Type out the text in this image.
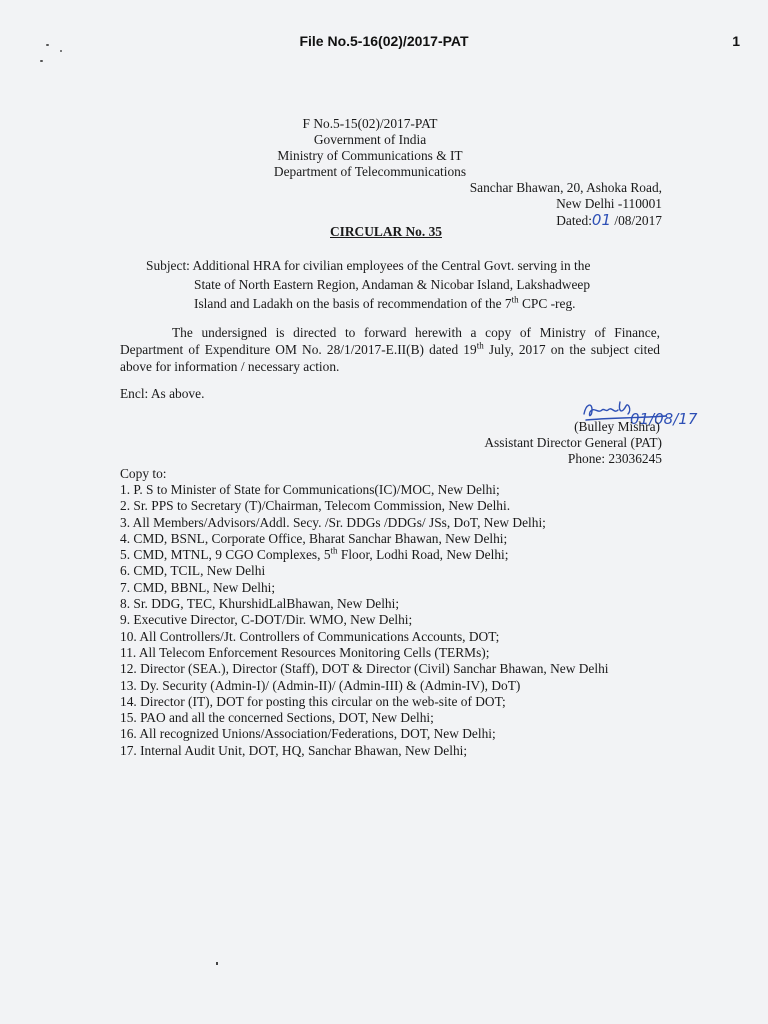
File No.5-16(02)/2017-PAT	1
F No.5-15(02)/2017-PAT
Government of India
Ministry of Communications & IT
Department of Telecommunications
Sanchar Bhawan, 20, Ashoka Road,
New Delhi -110001
Dated:01 /08/2017
CIRCULAR No. 35
Subject: Additional HRA for civilian employees of the Central Govt. serving in the
State of North Eastern Region, Andaman & Nicobar Island, Lakshadweep
Island and Ladakh on the basis of recommendation of the 7th CPC -reg.
The undersigned is directed to forward herewith a copy of Ministry of Finance, Department of Expenditure OM No. 28/1/2017-E.II(B) dated 19th July, 2017 on the subject cited above for information / necessary action.
Encl: As above.
01/08/17
(Bulley Mishra)
Assistant Director General (PAT)
Phone: 23036245
Copy to:
1. P. S to Minister of State for Communications(IC)/MOC, New Delhi;
2. Sr. PPS to Secretary (T)/Chairman, Telecom Commission, New Delhi.
3. All Members/Advisors/Addl. Secy. /Sr. DDGs /DDGs/ JSs, DoT, New Delhi;
4. CMD, BSNL, Corporate Office, Bharat Sanchar Bhawan, New Delhi;
5. CMD, MTNL, 9 CGO Complexes, 5th Floor, Lodhi Road, New Delhi;
6. CMD, TCIL, New Delhi
7. CMD, BBNL, New Delhi;
8. Sr. DDG, TEC, KhurshidLalBhawan, New Delhi;
9. Executive Director, C-DOT/Dir. WMO, New Delhi;
10. All Controllers/Jt. Controllers of Communications Accounts, DOT;
11. All Telecom Enforcement Resources Monitoring Cells (TERMs);
12. Director (SEA.), Director (Staff), DOT & Director (Civil) Sanchar Bhawan, New Delhi
13. Dy. Security (Admin-I)/ (Admin-II)/ (Admin-III) & (Admin-IV), DoT)
14. Director (IT), DOT for posting this circular on the web-site of DOT;
15. PAO and all the concerned Sections, DOT, New Delhi;
16. All recognized Unions/Association/Federations, DOT, New Delhi;
17. Internal Audit Unit, DOT, HQ, Sanchar Bhawan, New Delhi;
